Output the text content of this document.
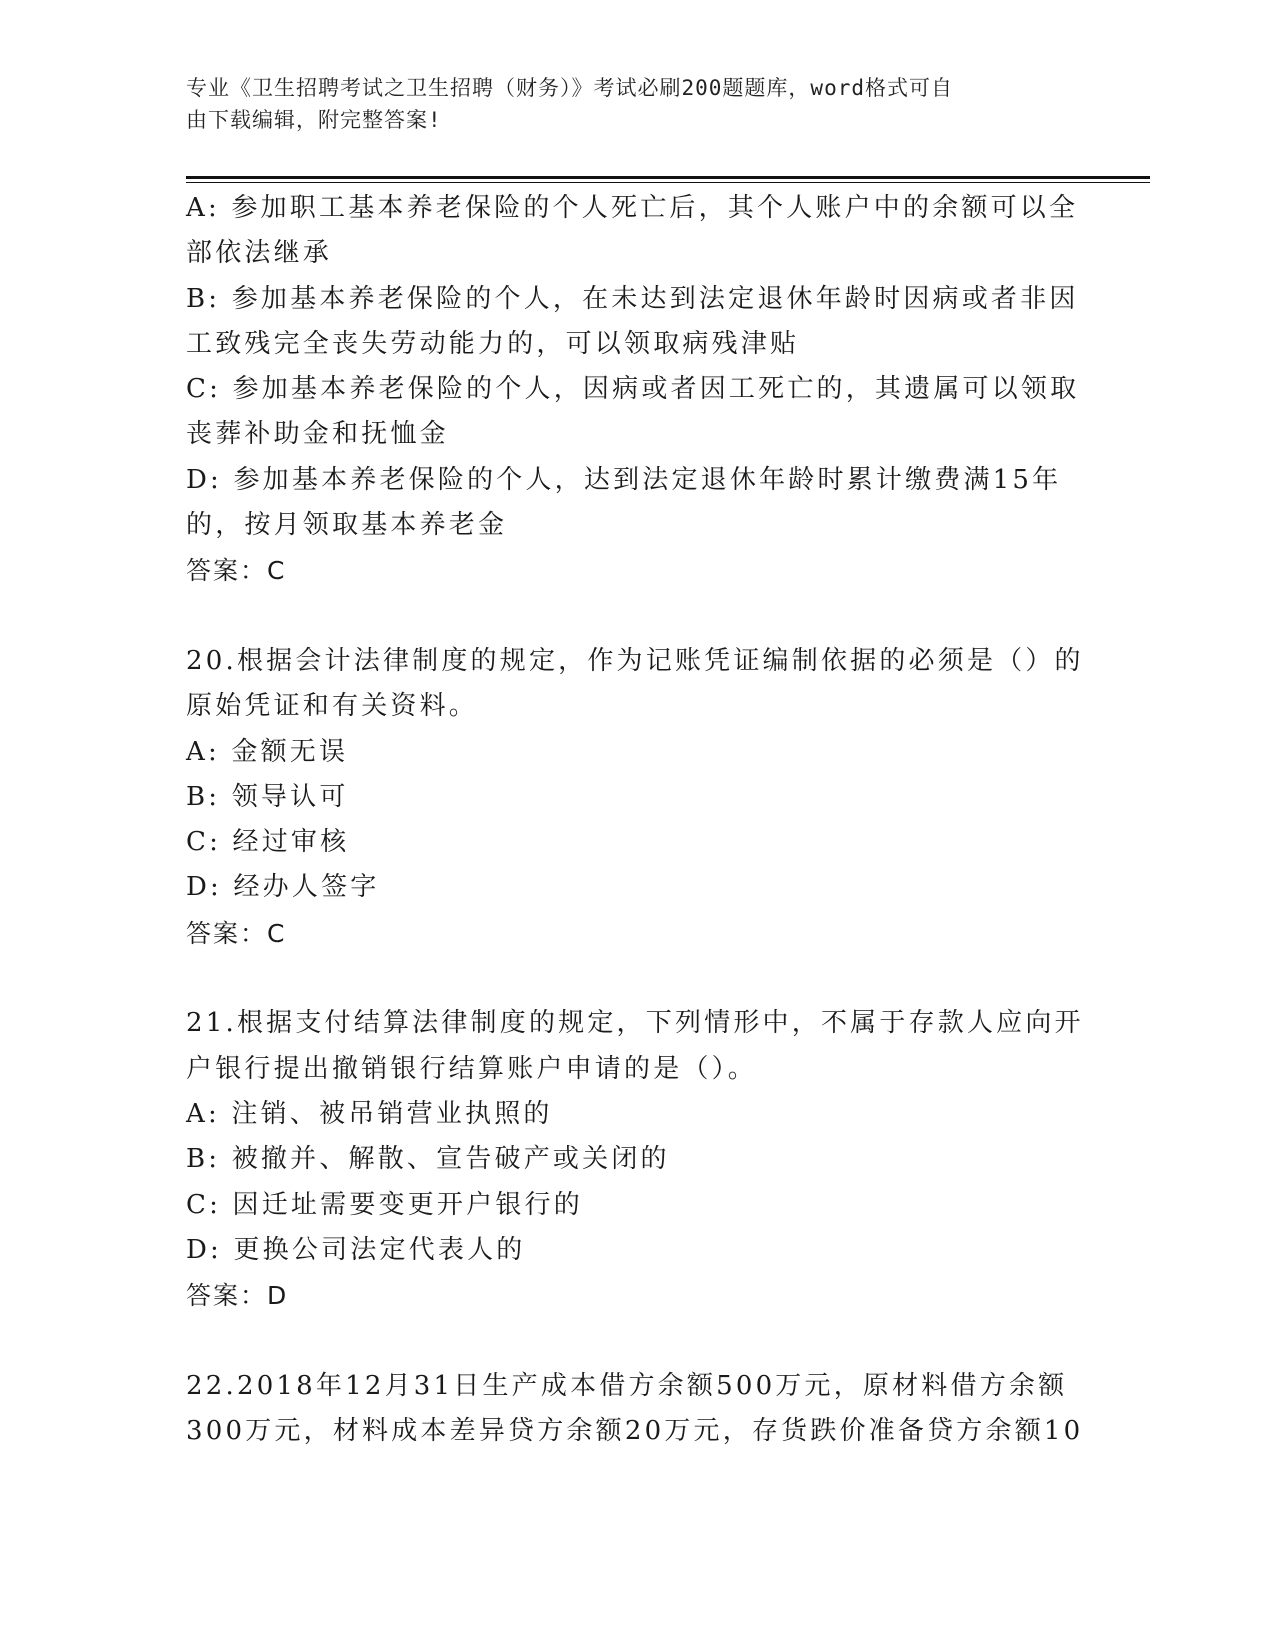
专业《卫生招聘考试之卫生招聘（财务）》考试必刷200题题库，word格式可自
由下载编辑，附完整答案!
A: 参加职工基本养老保险的个人死亡后，其个人账户中的余额可以全
部依法继承
B: 参加基本养老保险的个人，在未达到法定退休年龄时因病或者非因
工致残完全丧失劳动能力的，可以领取病残津贴
C: 参加基本养老保险的个人，因病或者因工死亡的，其遗属可以领取
丧葬补助金和抚恤金
D: 参加基本养老保险的个人，达到法定退休年龄时累计缴费满15年
的，按月领取基本养老金
答案：C
20.根据会计法律制度的规定，作为记账凭证编制依据的必须是（）的
原始凭证和有关资料。
A: 金额无误
B: 领导认可
C: 经过审核
D: 经办人签字
答案：C
21.根据支付结算法律制度的规定，下列情形中，不属于存款人应向开
户银行提出撤销银行结算账户申请的是（）。
A: 注销、被吊销营业执照的
B: 被撤并、解散、宣告破产或关闭的
C: 因迁址需要变更开户银行的
D: 更换公司法定代表人的
答案：D
22.2018年12月31日生产成本借方余额500万元，原材料借方余额
300万元，材料成本差异贷方余额20万元，存货跌价准备贷方余额10
